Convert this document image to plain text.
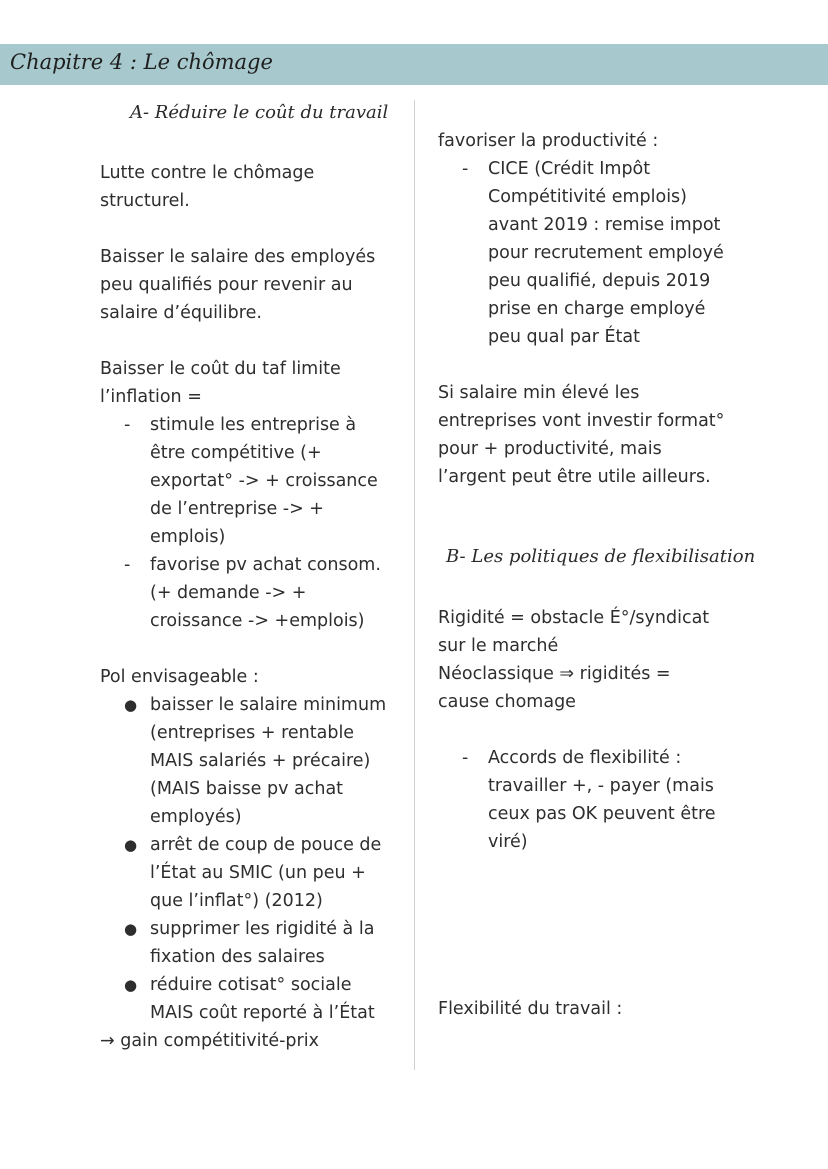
Chapitre 4 : Le chômage
A- Réduire le coût du travail

Lutte contre le chômage structurel.

Baisser le salaire des employés peu qualifiés pour revenir au salaire d’équilibre.

Baisser le coût du taf limite l’inflation =

- stimule les entreprise à être compétitive (+ exportat° -> + croissance de l’entreprise -> + emplois)
- favorise pv achat consom. (+ demande -> + croissance -> +emplois)

Pol envisageable :

● baisser le salaire minimum (entreprises + rentable MAIS salariés + précaire) (MAIS baisse pv achat employés)
● arrêt de coup de pouce de l’État au SMIC (un peu + que l’inflat°) (2012)
● supprimer les rigidité à la fixation des salaires
● réduire cotisat° sociale MAIS coût reporté à l’État

→ gain compétitivité-prix

favoriser la productivité :

- CICE (Crédit Impôt Compétitivité emplois) avant 2019 : remise impot pour recrutement employé peu qualifié, depuis 2019 prise en charge employé peu qual par État

Si salaire min élevé les entreprises vont investir format° pour + productivité, mais l’argent peut être utile ailleurs.

B- Les politiques de flexibilisation

Rigidité = obstacle É°/syndicat sur le marché

Néoclassique ⇒ rigidités = cause chomage

- Accords de flexibilité : travailler +, - payer (mais ceux pas OK peuvent être viré)

Flexibilité du travail :
